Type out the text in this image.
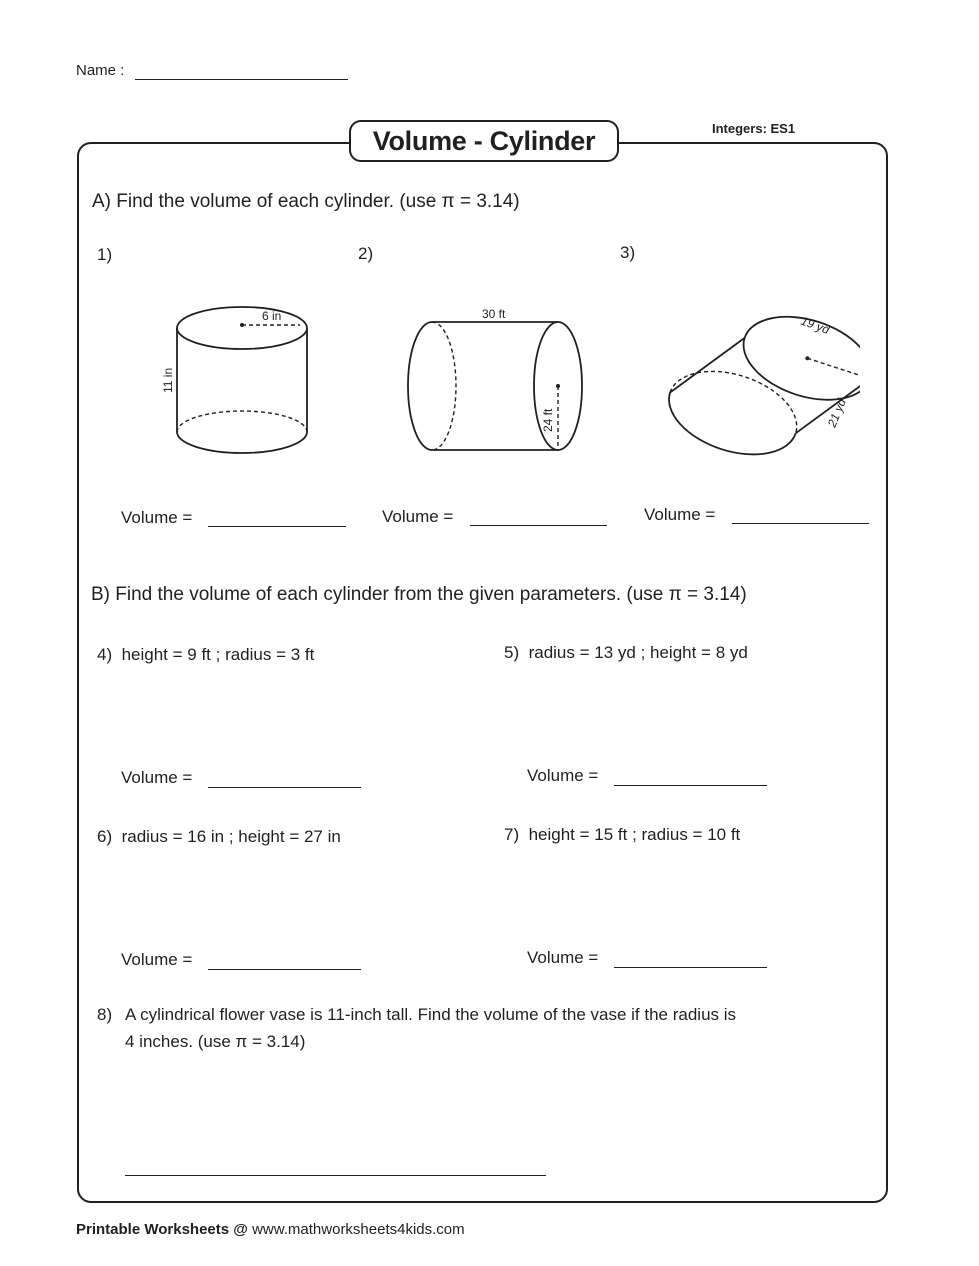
Name :
Volume - Cylinder	Integers: ES1
A) Find the volume of each cylinder. (use π = 3.14)
1)	2)	3)
6 in
11 in
30 ft
24 ft
19 yd
21 yd
Volume =	Volume =	Volume =
B) Find the volume of each cylinder from the given parameters. (use π = 3.14)
4) height = 9 ft ; radius = 3 ft	5) radius = 13 yd ; height = 8 yd
Volume =	Volume =
6) radius = 16 in ; height = 27 in	7) height = 15 ft ; radius = 10 ft
Volume =	Volume =
8) A cylindrical flower vase is 11-inch tall. Find the volume of the vase if the radius is
4 inches. (use π = 3.14)
Printable Worksheets @ www.mathworksheets4kids.com
